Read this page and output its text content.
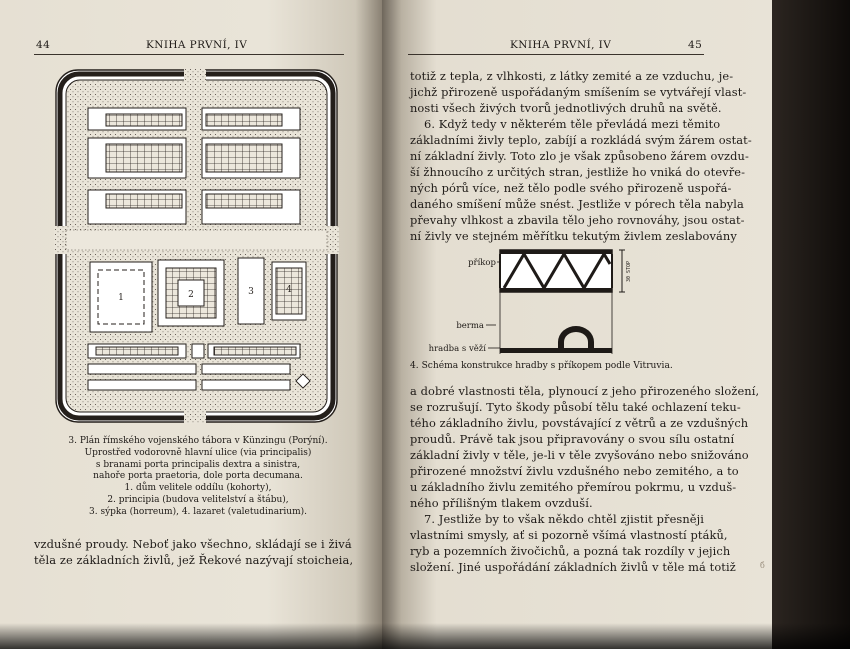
44	KNIHA PRVNÍ, IV
1	2	3	4
3. Plán římského vojenského tábora v Künzingu (Porýní).
Uprostřed vodorovně hlavní ulice (via principalis)
s branami porta principalis dextra a sinistra,
nahoře porta praetoria, dole porta decumana.
1. dům velitele oddílu (kohorty),
2. principia (budova velitelství a štábu),
3. sýpka (horreum), 4. lazaret (valetudinarium).
vzdušné proudy. Neboť jako všechno, skládají se i živá
těla ze základních živlů, jež Řekové nazývají stoicheia,
KNIHA PRVNÍ, IV	45
totiž z tepla, z vlhkosti, z látky zemité a ze vzduchu, je-
jichž přirozeně uspořádaným smíšením se vytvářejí vlast-
nosti všech živých tvorů jednotlivých druhů na světě.
6. Když tedy v některém těle převládá mezi těmito
základními živly teplo, zabíjí a rozkládá svým žárem ostat-
ní základní živly. Toto zlo je však způsobeno žárem ovzdu-
ší žhnoucího z určitých stran, jestliže ho vniká do otevře-
ných pórů více, než tělo podle svého přirozeně uspořá-
daného smíšení může snést. Jestliže v pórech těla nabyla
převahy vlhkost a zbavila tělo jeho rovnováhy, jsou ostat-
ní živly ve stejném měřítku tekutým živlem zeslabovány
30 STOP
příkop
berma
hradba s věží
4. Schéma konstrukce hradby s příkopem podle Vitruvia.
a dobré vlastnosti těla, plynoucí z jeho přirozeného složení,
se rozrušují. Tyto škody působí tělu také ochlazení teku-
tého základního živlu, povstávající z větrů a ze vzdušných
proudů. Právě tak jsou připravovány o svou sílu ostatní
základní živly v těle, je-li v těle zvyšováno nebo snižováno
přirozené množství živlu vzdušného nebo zemitého, a to
u základního živlu zemitého přemírou pokrmu, u vzduš-
ného přílišným tlakem ovzduší.
7. Jestliže by to však někdo chtěl zjistit přesněji
vlastními smysly, ať si pozorně všímá vlastností ptáků,
ryb a pozemních živočichů, a pozná tak rozdíly v jejich
složení. Jiné uspořádání základních živlů v těle má totiž	б
